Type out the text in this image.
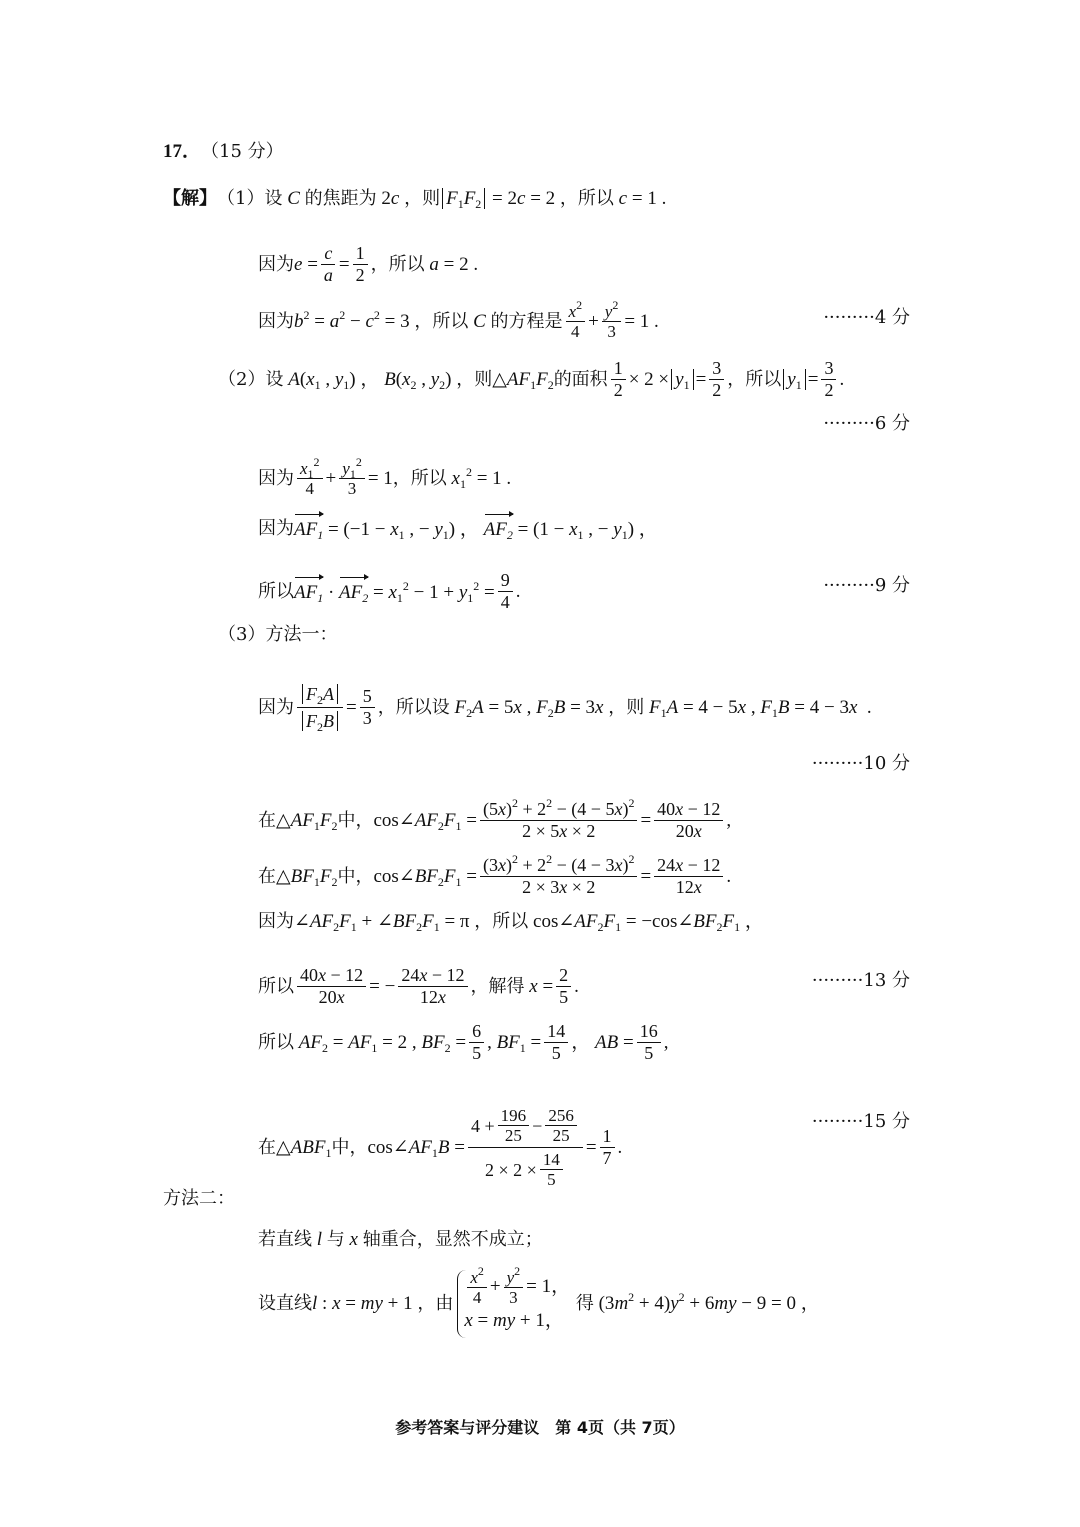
17． （15 分）
【解】 （1） 设 C 的焦距为 2c ，则 $F_1F_2 = 2c = 2$ ，所以 c = 1 .
因为 $e = \frac{c}{a} = \frac{1}{2}$ ，所以 a = 2 .
因为 $b^2 = a^2 - c^2 = 3$ ，所以 C 的方程是 $\frac{x^2}{4} + \frac{y^2}{3} = 1$ .	·········4 分
（2） 设 $A(x_1$ , $y_1$) ， $B(x_2$ , $y_2$) ，则 $\triangle AF_1F_2$ 的面积 $\frac{1}{2} \times 2 \times y_1 = \frac{3}{2}$ ，所以 $y_1 = \frac{3}{2}$ .
·········6 分
因为 $\frac{x_1^2}{4} + \frac{y_1^2}{3} = 1$ ，所以 $x_1^2 = 1$ .
因为 $AF_1 = (-1 - x_1$ , − $y_1$) ， $AF_2 = (1 - x_1$ , − $y_1$) ，
所以 $AF_1 \cdot AF_2 = x_1^2 - 1 + y_1^2 = \frac{9}{4}$ .	·········9 分
（3） 方法一：
因为 $\frac{F_2A}{F_2B} = \frac{5}{3}$ ，所以设 $F_2A = 5x$ , $F_2B = 3x$ ，则 $F_1A = 4 - 5x$ , $F_1B = 4 - 3x$  .
·········10 分
在 $\triangle AF_1F_2$ 中， $\cos\angle AF_2F_1 = \frac{(5x)^2 + 2^2 - (4 - 5x)^2}{2 \times 5x \times 2} = \frac{40x - 12}{20x}$ ,
在 $\triangle BF_1F_2$ 中， $\cos\angle BF_2F_1 = \frac{(3x)^2 + 2^2 - (4 - 3x)^2}{2 \times 3x \times 2} = \frac{24x - 12}{12x}$ .
因为 $\angle AF_2F_1$ + $\angle BF_2F_1 = \pi$ ，所以 $\cos\angle AF_2F_1$ = $-\cos\angle BF_2F_1$ ，
所以 $\frac{40x - 12}{20x}$ = − $\frac{24x - 12}{12x}$ ，解得 $x = \frac{2}{5}$ .	·········13 分
所以 $AF_2 = AF_1 = 2$ , $BF_2 = \frac{6}{5}$ , $BF_1 = \frac{14}{5}$ ， AB = $\frac{16}{5}$ ,
在 $\triangle ABF_1$ 中， $\cos\angle AF_1B = \frac{4 + \frac{196}{25} - \frac{256}{25}}{2 \times 2 \times \frac{14}{5}} = \frac{1}{7}$ .
·········15 分
方法二：
若直线 l 与 x 轴重合，显然不成立；
设直线 l : x = my + 1 ，由 $\frac{x^2}{4} + \frac{y^2}{3} = 1$，
x = my + 1，

得 $(3m^2 + 4)y^2 + 6my - 9 = 0$ ，
参考答案与评分建议　第 4页（共 7页）
